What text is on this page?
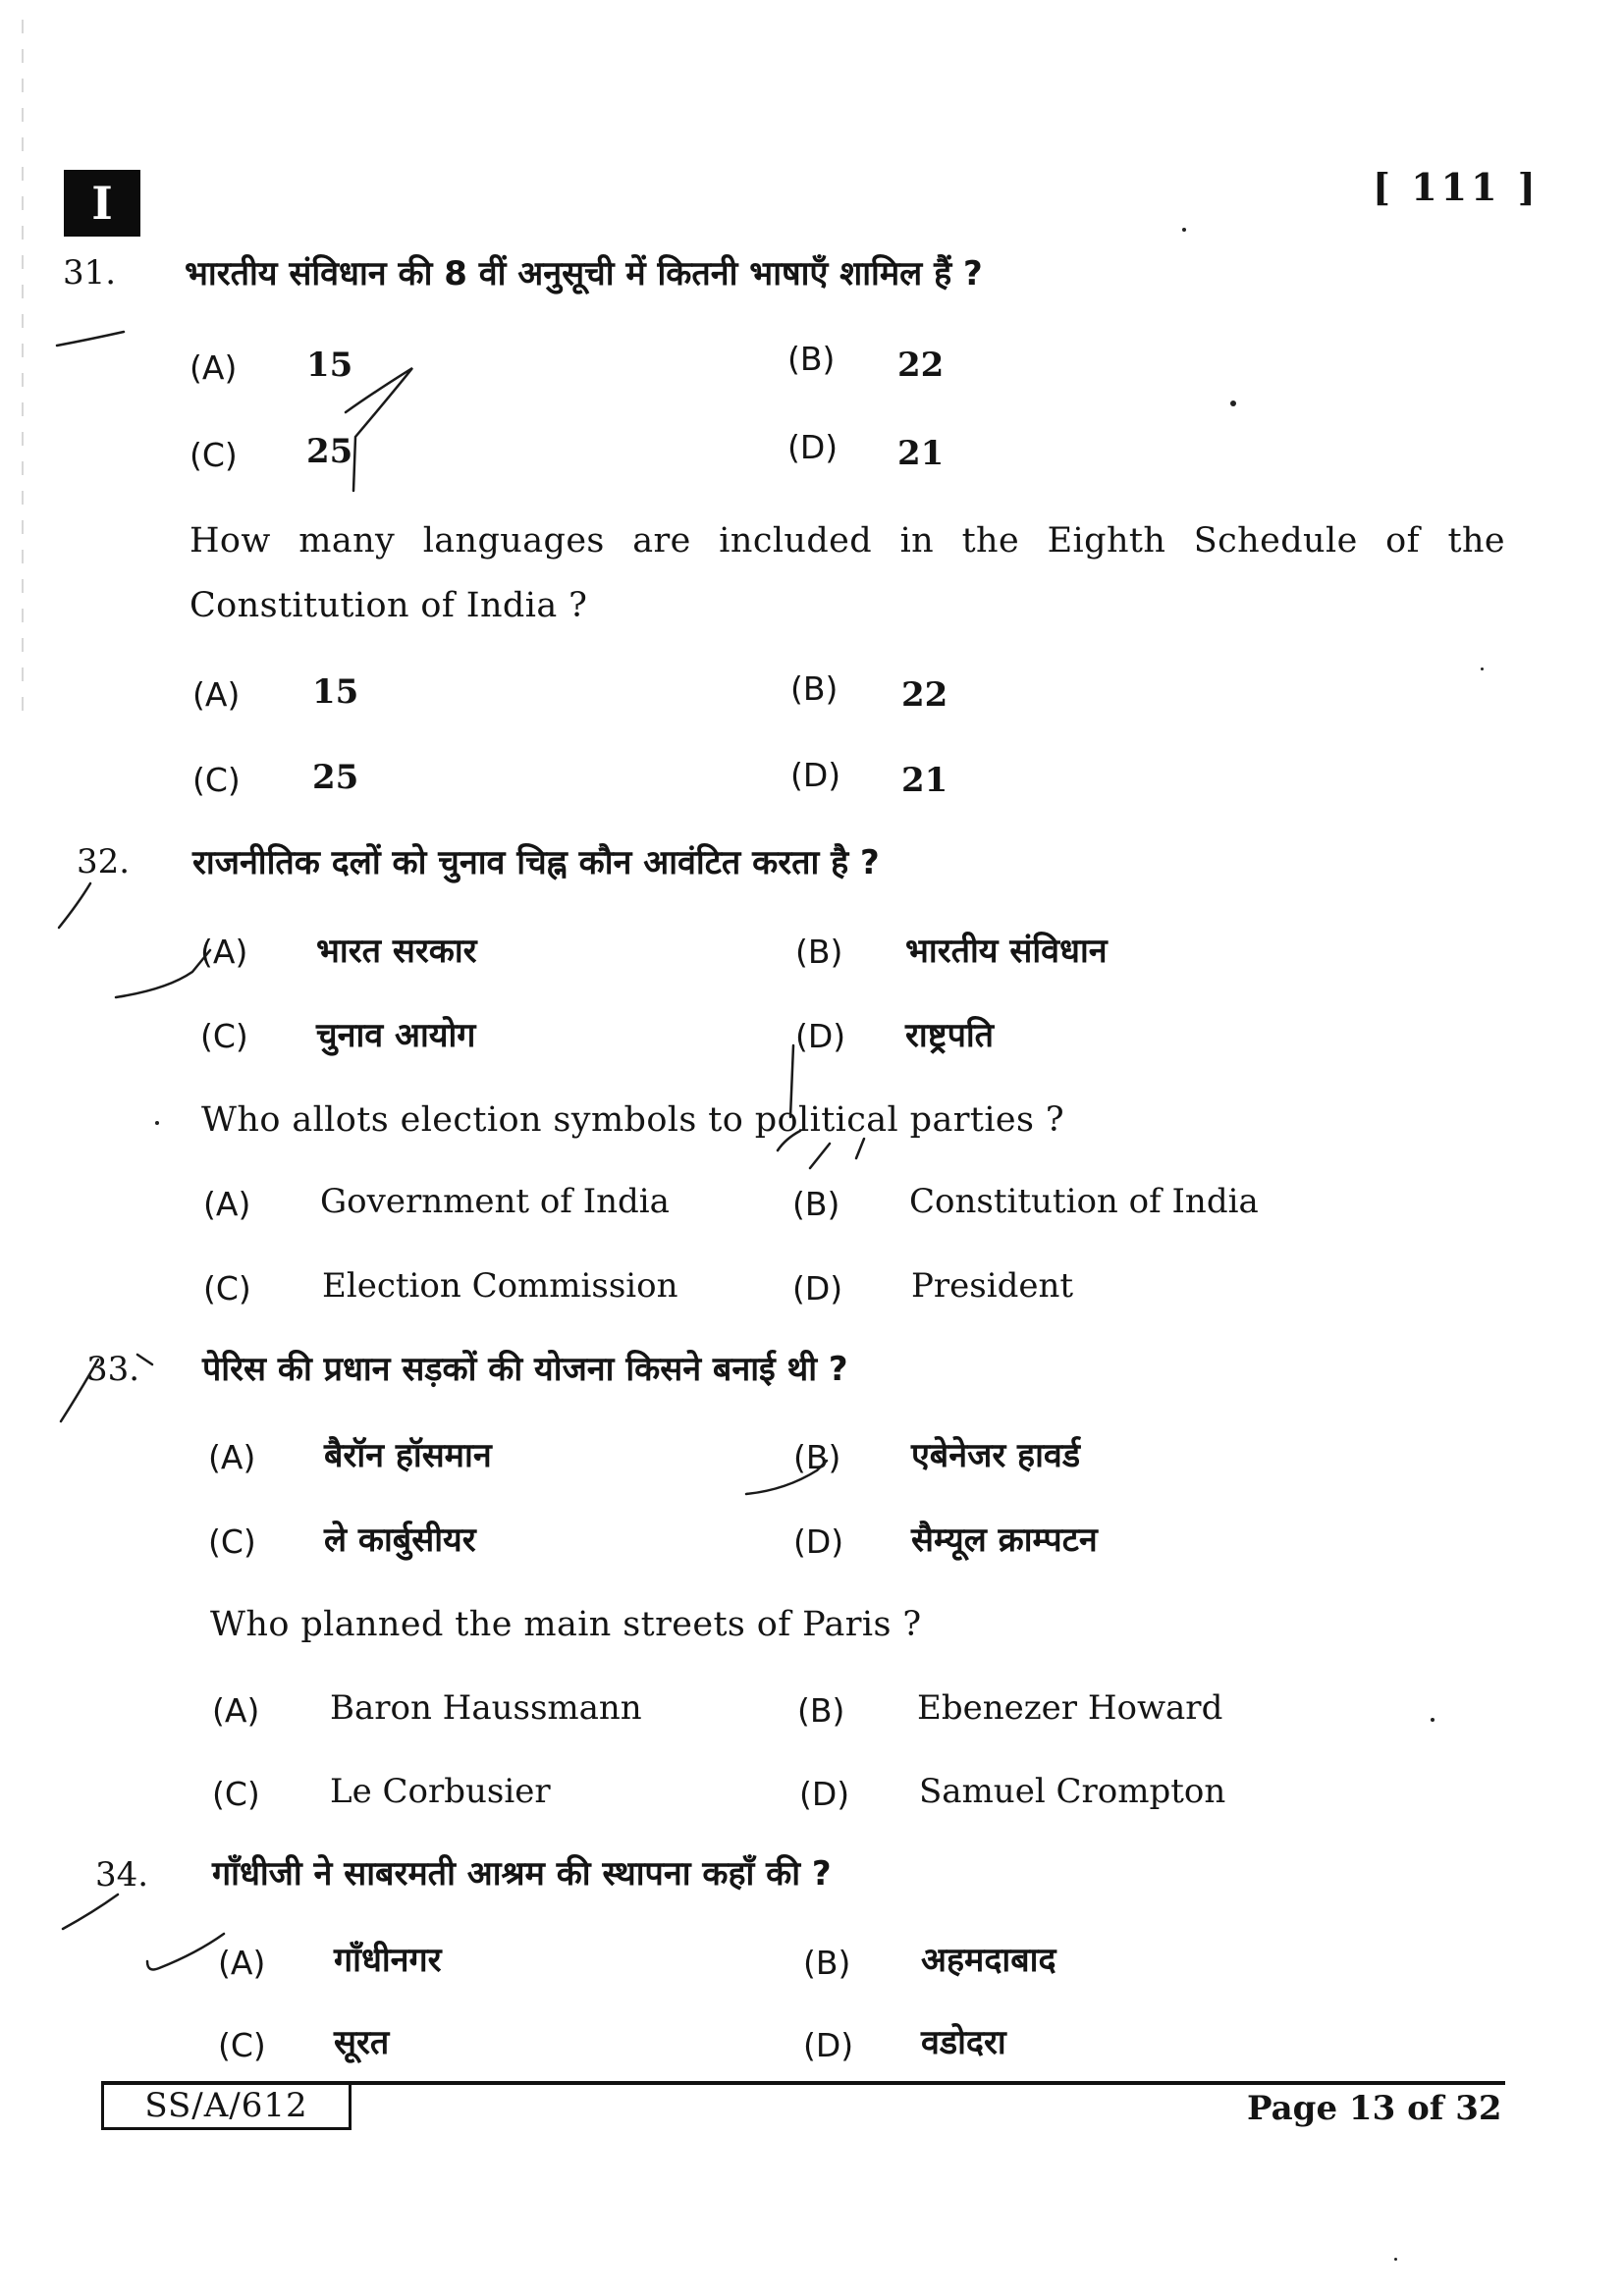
I	[ 111 ]
31. भारतीय संविधान की 8 वीं अनुसूची में कितनी भाषाएँ शामिल हैं ?
(A) 15	(B) 22
(C) 25	(D) 21
How many languages are included in the Eighth Schedule of the Constitution of India ?
(A) 15	(B) 22
(C) 25	(D) 21
32. राजनीतिक दलों को चुनाव चिह्न कौन आवंटित करता है ?
(A) भारत सरकार	(B) भारतीय संविधान
(C) चुनाव आयोग	(D) राष्ट्रपति
Who allots election symbols to political parties ?
(A) Government of India	(B) Constitution of India
(C) Election Commission	(D) President
33. पेरिस की प्रधान सड़कों की योजना किसने बनाई थी ?
(A) बैरॉन हॉसमान	(B) एबेनेजर हावर्ड
(C) ले कार्बुसीयर	(D) सैम्यूल क्राम्पटन
Who planned the main streets of Paris ?
(A) Baron Haussmann	(B) Ebenezer Howard
(C) Le Corbusier	(D) Samuel Crompton
34. गाँधीजी ने साबरमती आश्रम की स्थापना कहाँ की ?
(A) गाँधीनगर	(B) अहमदाबाद
(C) सूरत	(D) वडोदरा
SS/A/612	Page 13 of 32
